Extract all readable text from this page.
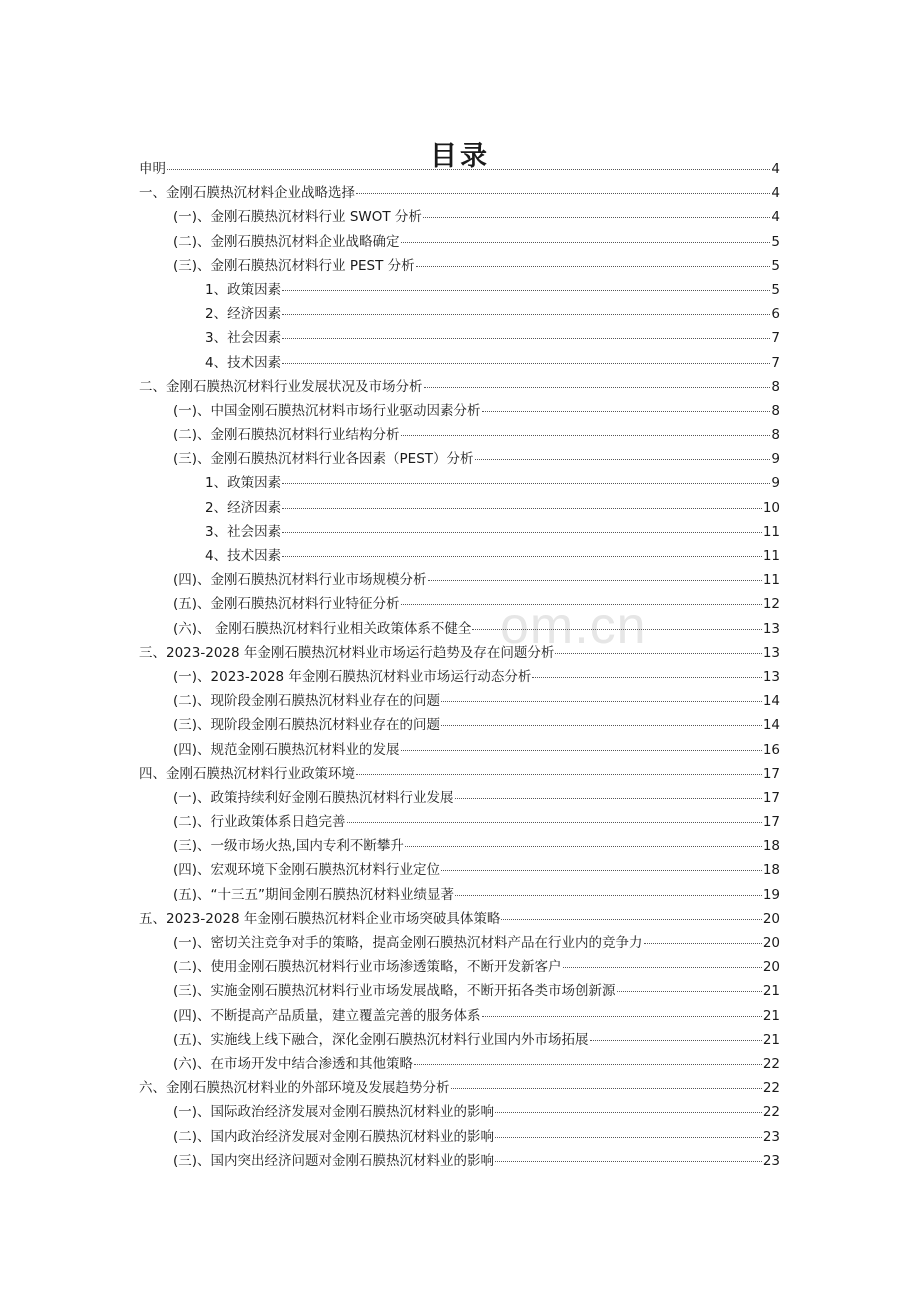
om.cn
目录
申明	4
一、金刚石膜热沉材料企业战略选择	4
(一)、金刚石膜热沉材料行业 SWOT 分析	4
(二)、金刚石膜热沉材料企业战略确定	5
(三)、金刚石膜热沉材料行业 PEST 分析	5
1、政策因素	5
2、经济因素	6
3、社会因素	7
4、技术因素	7
二、金刚石膜热沉材料行业发展状况及市场分析	8
(一)、中国金刚石膜热沉材料市场行业驱动因素分析	8
(二)、金刚石膜热沉材料行业结构分析	8
(三)、金刚石膜热沉材料行业各因素（PEST）分析	9
1、政策因素	9
2、经济因素	10
3、社会因素	11
4、技术因素	11
(四)、金刚石膜热沉材料行业市场规模分析	11
(五)、金刚石膜热沉材料行业特征分析	12
(六)、 金刚石膜热沉材料行业相关政策体系不健全	13
三、2023-2028 年金刚石膜热沉材料业市场运行趋势及存在问题分析	13
(一)、2023-2028 年金刚石膜热沉材料业市场运行动态分析	13
(二)、现阶段金刚石膜热沉材料业存在的问题	14
(三)、现阶段金刚石膜热沉材料业存在的问题	14
(四)、规范金刚石膜热沉材料业的发展	16
四、金刚石膜热沉材料行业政策环境	17
(一)、政策持续利好金刚石膜热沉材料行业发展	17
(二)、行业政策体系日趋完善	17
(三)、一级市场火热,国内专利不断攀升	18
(四)、宏观环境下金刚石膜热沉材料行业定位	18
(五)、“十三五”期间金刚石膜热沉材料业绩显著	19
五、2023-2028 年金刚石膜热沉材料企业市场突破具体策略	20
(一)、密切关注竞争对手的策略，提高金刚石膜热沉材料产品在行业内的竞争力	20
(二)、使用金刚石膜热沉材料行业市场渗透策略，不断开发新客户	20
(三)、实施金刚石膜热沉材料行业市场发展战略，不断开拓各类市场创新源	21
(四)、不断提高产品质量，建立覆盖完善的服务体系	21
(五)、实施线上线下融合，深化金刚石膜热沉材料行业国内外市场拓展	21
(六)、在市场开发中结合渗透和其他策略	22
六、金刚石膜热沉材料业的外部环境及发展趋势分析	22
(一)、国际政治经济发展对金刚石膜热沉材料业的影响	22
(二)、国内政治经济发展对金刚石膜热沉材料业的影响	23
(三)、国内突出经济问题对金刚石膜热沉材料业的影响	23
